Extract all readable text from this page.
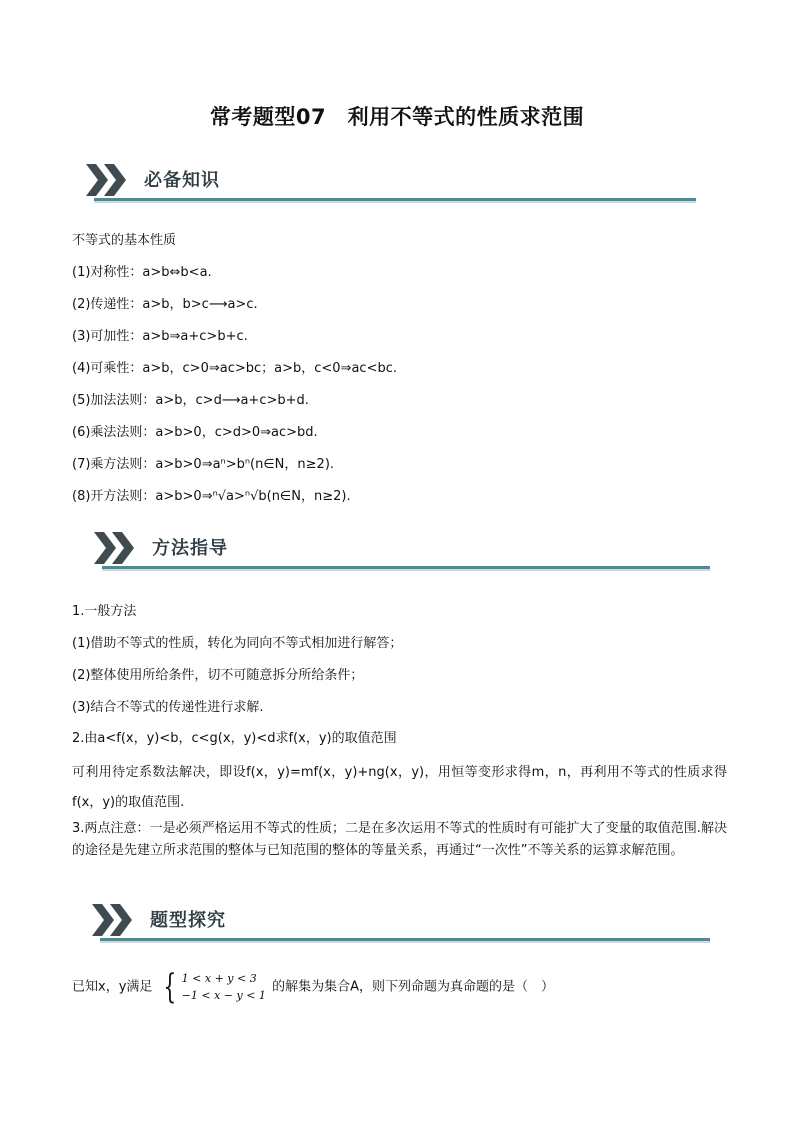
常考题型07　利用不等式的性质求范围
必备知识
不等式的基本性质
(1)对称性：a>b⇔b<a.
(2)传递性：a>b，b>c⟶a>c.
(3)可加性：a>b⇒a+c>b+c.
(4)可乘性：a>b，c>0⇒ac>bc；a>b，c<0⇒ac<bc.
(5)加法法则：a>b，c>d⟶a+c>b+d.
(6)乘法法则：a>b>0，c>d>0⇒ac>bd.
(7)乘方法则：a>b>0⇒aⁿ>bⁿ(n∈N，n≥2).
(8)开方法则：a>b>0⇒ⁿ√a>ⁿ√b(n∈N，n≥2).
方法指导
1.一般方法
(1)借助不等式的性质，转化为同向不等式相加进行解答；
(2)整体使用所给条件，切不可随意拆分所给条件；
(3)结合不等式的传递性进行求解.
2.由a<f(x，y)<b，c<g(x，y)<d求f(x，y)的取值范围
可利用待定系数法解决，即设f(x，y)=mf(x，y)+ng(x，y)，用恒等变形求得m，n，再利用不等式的性质求得f(x，y)的取值范围.
3.两点注意：一是必须严格运用不等式的性质；二是在多次运用不等式的性质时有可能扩大了变量的取值范围.解决的途径是先建立所求范围的整体与已知范围的整体的等量关系，再通过“一次性”不等关系的运算求解范围。
题型探究
已知x，y满足 { 1 < x + y < 3
−1 < x − y < 1
的解集为集合A，则下列命题为真命题的是（　）
